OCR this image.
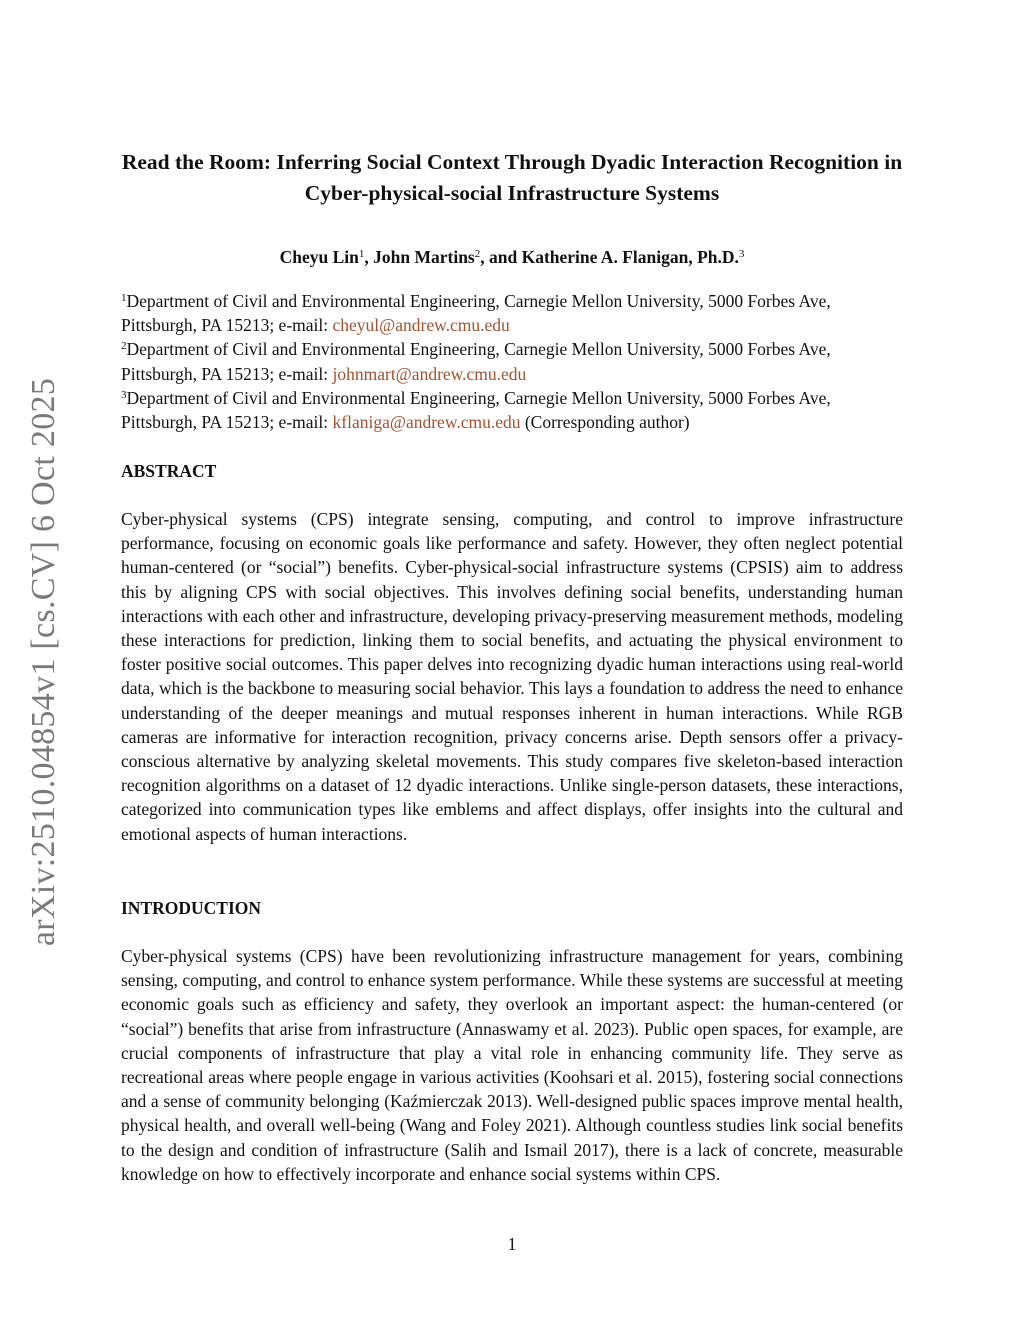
arXiv:2510.04854v1 [cs.CV] 6 Oct 2025
Read the Room: Inferring Social Context Through Dyadic Interaction Recognition in Cyber-physical-social Infrastructure Systems

Cheyu Lin$^1$, John Martins$^2$, and Katherine A. Flanigan, Ph.D.$^3$

$^1$Department of Civil and Environmental Engineering, Carnegie Mellon University, 5000 Forbes Ave, Pittsburgh, PA 15213; e-mail: cheyul@andrew.cmu.edu

$^2$Department of Civil and Environmental Engineering, Carnegie Mellon University, 5000 Forbes Ave, Pittsburgh, PA 15213; e-mail: johnmart@andrew.cmu.edu

$^3$Department of Civil and Environmental Engineering, Carnegie Mellon University, 5000 Forbes Ave, Pittsburgh, PA 15213; e-mail: kflaniga@andrew.cmu.edu (Corresponding author)

ABSTRACT

Cyber-physical systems (CPS) integrate sensing, computing, and control to improve infrastructure performance, focusing on economic goals like performance and safety. However, they often neglect potential human-centered (or “social”) benefits. Cyber-physical-social infrastructure systems (CPSIS) aim to address this by aligning CPS with social objectives. This involves defining social benefits, understanding human interactions with each other and infrastructure, developing privacy-preserving measurement methods, modeling these interactions for prediction, linking them to social benefits, and actuating the physical environment to foster positive social outcomes. This paper delves into recognizing dyadic human interactions using real-world data, which is the backbone to measuring social behavior. This lays a foundation to address the need to enhance understanding of the deeper meanings and mutual responses inherent in human interactions. While RGB cameras are informative for interaction recognition, privacy concerns arise. Depth sensors offer a privacy-conscious alternative by analyzing skeletal movements. This study compares five skeleton-based interaction recognition algorithms on a dataset of 12 dyadic interactions. Unlike single-person datasets, these interactions, categorized into communication types like emblems and affect displays, offer insights into the cultural and emotional aspects of human interactions.

INTRODUCTION

Cyber-physical systems (CPS) have been revolutionizing infrastructure management for years, combining sensing, computing, and control to enhance system performance. While these systems are successful at meeting economic goals such as efficiency and safety, they overlook an important aspect: the human-centered (or “social”) benefits that arise from infrastructure (Annaswamy et al. 2023). Public open spaces, for example, are crucial components of infrastructure that play a vital role in enhancing community life. They serve as recreational areas where people engage in various activities (Koohsari et al. 2015), fostering social connections and a sense of community belonging (Kaźmierczak 2013). Well-designed public spaces improve mental health, physical health, and overall well-being (Wang and Foley 2021). Although countless studies link social benefits to the design and condition of infrastructure (Salih and Ismail 2017), there is a lack of concrete, measurable knowledge on how to effectively incorporate and enhance social systems within CPS.

1
